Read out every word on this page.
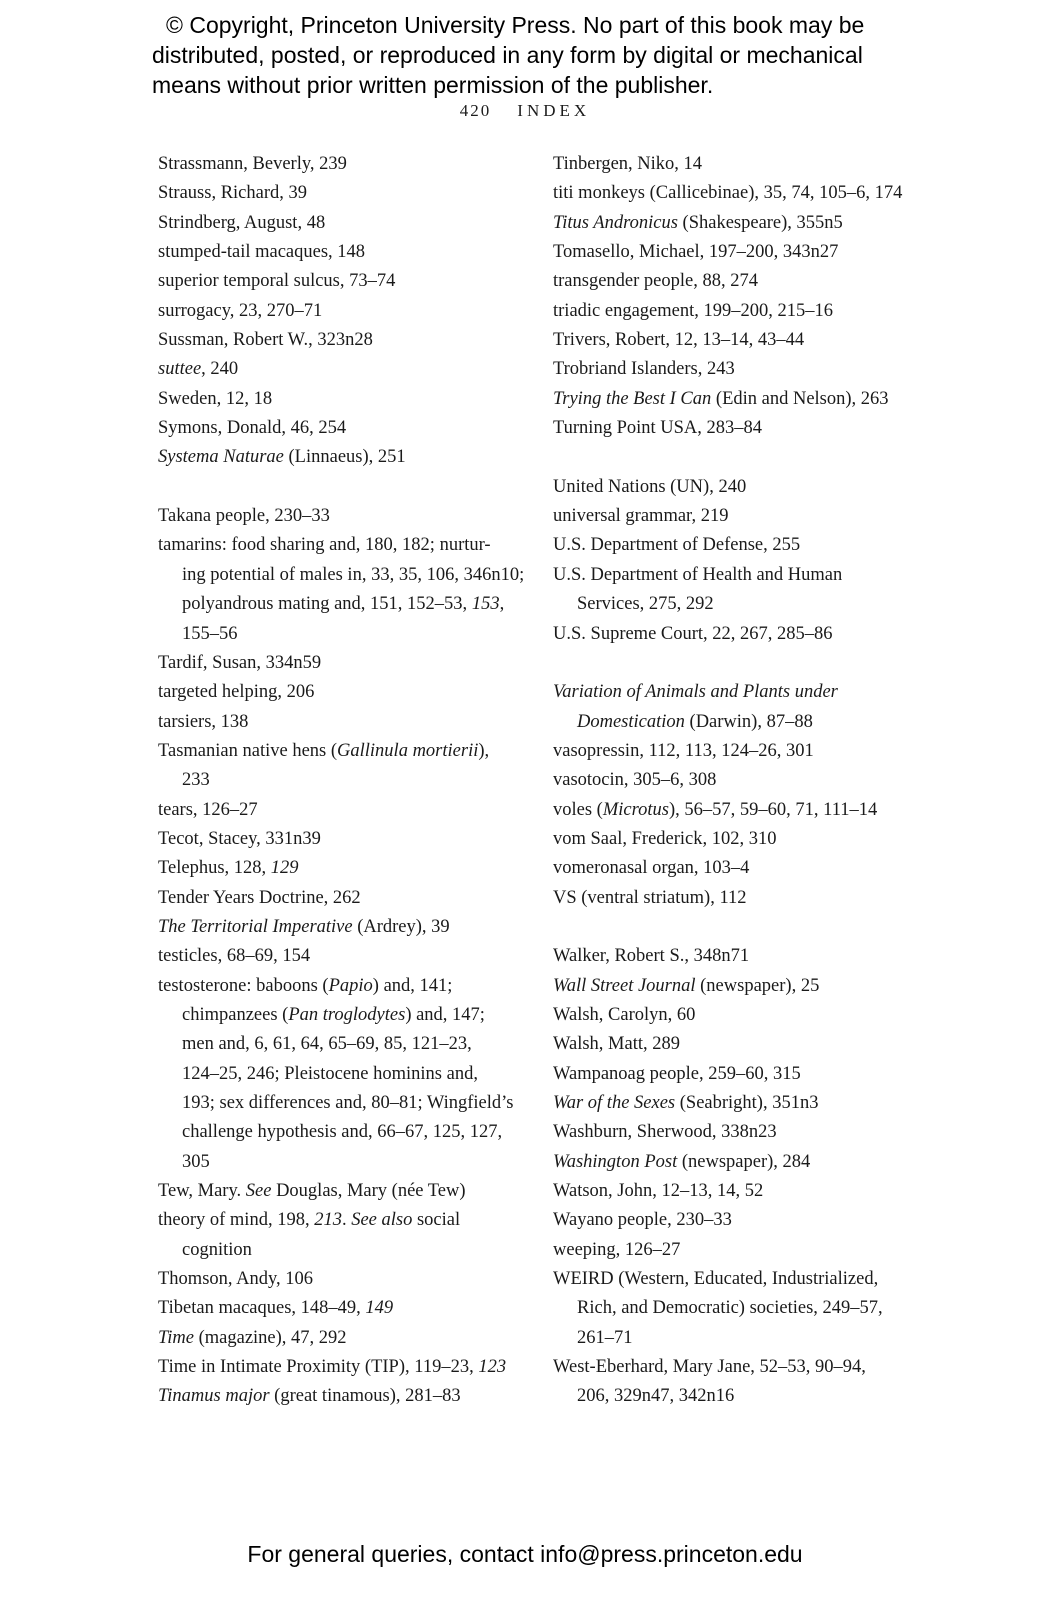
© Copyright, Princeton University Press. No part of this book may be
distributed, posted, or reproduced in any form by digital or mechanical
means without prior written permission of the publisher.
420 INDEX
Strassmann, Beverly, 239
Strauss, Richard, 39
Strindberg, August, 48
stumped-tail macaques, 148
superior temporal sulcus, 73–74
surrogacy, 23, 270–71
Sussman, Robert W., 323n28
suttee, 240
Sweden, 12, 18
Symons, Donald, 46, 254
Systema Naturae (Linnaeus), 251

Takana people, 230–33
tamarins: food sharing and, 180, 182; nurtur-
ing potential of males in, 33, 35, 106, 346n10;
polyandrous mating and, 151, 152–53, 153,
155–56
Tardif, Susan, 334n59
targeted helping, 206
tarsiers, 138
Tasmanian native hens (Gallinula mortierii),
233
tears, 126–27
Tecot, Stacey, 331n39
Telephus, 128, 129
Tender Years Doctrine, 262
The Territorial Imperative (Ardrey), 39
testicles, 68–69, 154
testosterone: baboons (Papio) and, 141;
chimpanzees (Pan troglodytes) and, 147;
men and, 6, 61, 64, 65–69, 85, 121–23,
124–25, 246; Pleistocene hominins and,
193; sex differences and, 80–81; Wingfield’s
challenge hypothesis and, 66–67, 125, 127,
305
Tew, Mary. See Douglas, Mary (née Tew)
theory of mind, 198, 213. See also social
cognition
Thomson, Andy, 106
Tibetan macaques, 148–49, 149
Time (magazine), 47, 292
Time in Intimate Proximity (TIP), 119–23, 123
Tinamus major (great tinamous), 281–83
Tinbergen, Niko, 14
titi monkeys (Callicebinae), 35, 74, 105–6, 174
Titus Andronicus (Shakespeare), 355n5
Tomasello, Michael, 197–200, 343n27
transgender people, 88, 274
triadic engagement, 199–200, 215–16
Trivers, Robert, 12, 13–14, 43–44
Trobriand Islanders, 243
Trying the Best I Can (Edin and Nelson), 263
Turning Point USA, 283–84

United Nations (UN), 240
universal grammar, 219
U.S. Department of Defense, 255
U.S. Department of Health and Human
Services, 275, 292
U.S. Supreme Court, 22, 267, 285–86

Variation of Animals and Plants under
Domestication (Darwin), 87–88
vasopressin, 112, 113, 124–26, 301
vasotocin, 305–6, 308
voles (Microtus), 56–57, 59–60, 71, 111–14
vom Saal, Frederick, 102, 310
vomeronasal organ, 103–4
VS (ventral striatum), 112

Walker, Robert S., 348n71
Wall Street Journal (newspaper), 25
Walsh, Carolyn, 60
Walsh, Matt, 289
Wampanoag people, 259–60, 315
War of the Sexes (Seabright), 351n3
Washburn, Sherwood, 338n23
Washington Post (newspaper), 284
Watson, John, 12–13, 14, 52
Wayano people, 230–33
weeping, 126–27
WEIRD (Western, Educated, Industrialized,
Rich, and Democratic) societies, 249–57,
261–71
West-Eberhard, Mary Jane, 52–53, 90–94,
206, 329n47, 342n16
For general queries, contact info@press.princeton.edu
